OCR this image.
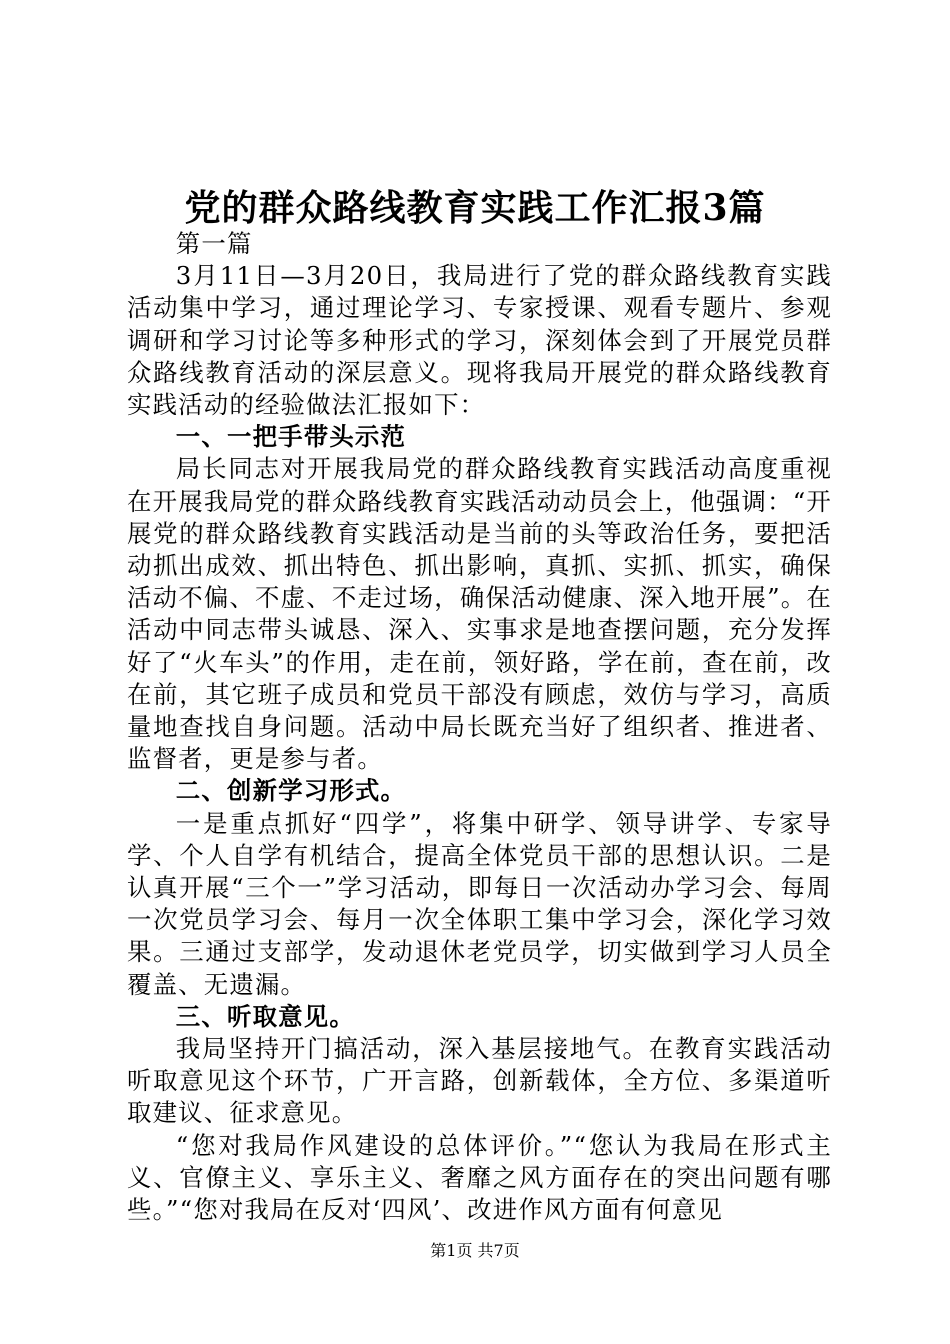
党的群众路线教育实践工作汇报3篇

第一篇

3月11日—3月20日，我局进行了党的群众路线教育实践活动集中学习，通过理论学习、专家授课、观看专题片、参观调研和学习讨论等多种形式的学习，深刻体会到了开展党员群众路线教育活动的深层意义。现将我局开展党的群众路线教育实践活动的经验做法汇报如下：

一、一把手带头示范

局长同志对开展我局党的群众路线教育实践活动高度重视在开展我局党的群众路线教育实践活动动员会上，他强调：“开展党的群众路线教育实践活动是当前的头等政治任务，要把活动抓出成效、抓出特色、抓出影响，真抓、实抓、抓实，确保活动不偏、不虚、不走过场，确保活动健康、深入地开展”。在活动中同志带头诚恳、深入、实事求是地查摆问题，充分发挥好了“火车头”的作用，走在前，领好路，学在前，查在前，改在前，其它班子成员和党员干部没有顾虑，效仿与学习，高质量地查找自身问题。活动中局长既充当好了组织者、推进者、监督者，更是参与者。

二、创新学习形式。

一是重点抓好“四学”，将集中研学、领导讲学、专家导学、个人自学有机结合，提高全体党员干部的思想认识。二是认真开展“三个一”学习活动，即每日一次活动办学习会、每周一次党员学习会、每月一次全体职工集中学习会，深化学习效果。三通过支部学，发动退休老党员学，切实做到学习人员全覆盖、无遗漏。

三、听取意见。

我局坚持开门搞活动，深入基层接地气。在教育实践活动听取意见这个环节，广开言路，创新载体，全方位、多渠道听取建议、征求意见。

“您对我局作风建设的总体评价。”“您认为我局在形式主义、官僚主义、享乐主义、奢靡之风方面存在的突出问题有哪些。”“您对我局在反对‘四风’、改进作风方面有何意见

第1页 共7页
